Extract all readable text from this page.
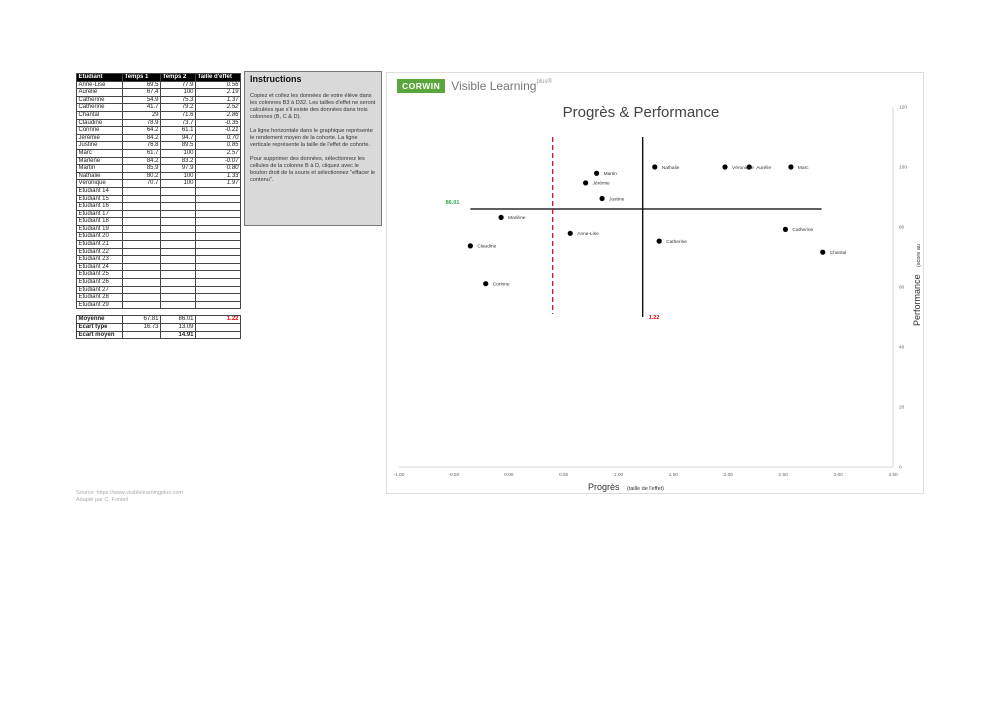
Etudiant	Temps 1	Temps 2	Taille d'effet
Anne-Lise	69.5	77.9	0.56
Aurélie	67.4	100	2.19
Catherine	54.9	75.3	1.37
Catherine	41.7	79.2	2.52
Chantal	29	71.6	2.86
Claudine	78.9	73.7	-0.35
Corinne	64.2	61.1	-0.21
Jérémie	84.2	94.7	0.70
Justine	76.8	89.5	0.85
Marc	61.7	100	2.57
Marlène	84.2	83.2	-0.07
Martin	85.9	97.9	0.80
Nathalie	80.2	100	1.33
Véronique	70.7	100	1.97
Etudiant 14			
Etudiant 15			
Etudiant 16			
Etudiant 17			
Etudiant 18			
Etudiant 19			
Etudiant 20			
Etudiant 21			
Etudiant 22			
Etudiant 23			
Etudiant 24			
Etudiant 25			
Etudiant 26			
Etudiant 27			
Etudiant 28			
Etudiant 29			

Moyenne	67.81	86.01	1.22
Ecart type	16.73	13.09	
Ecart moyen		14.91	
Instructions

Copiez et collez les données de votre élève dans les colonnes B3 à D32. Les tailles d'effet ne seront calculées que s'il existe des données dans trois colonnes (B, C & D).

La ligne horizontale dans le graphique représente le rendement moyen de la cohorte. La ligne verticale représente la taille de l'effet de cohorte.

Pour supprimer des données, sélectionnez les cellules de la colonne B à D, cliquez avec le bouton droit de la souris et sélectionnez "effacer le contenu".

Source: https://www.visiblelearningplus.com
Adapté par C. Fonteil
CORWIN Visible Learning$^{plus®}$
Progrès & Performance
-1.00	-0.50	0.00	0.50	1.00	1.50	2.00	2.50	3.00	3.50
0
20
40
60
80
100
120
86.01
1.22
Anne-Lise
Aurélie
Catherine
Catherine
Chantal
Claudine
Corinne
Jérémie
Justine
Marc
Marlène
Martin
Nathalie	Véronique
Progrès (taille de l'effet)
Performance (score au
